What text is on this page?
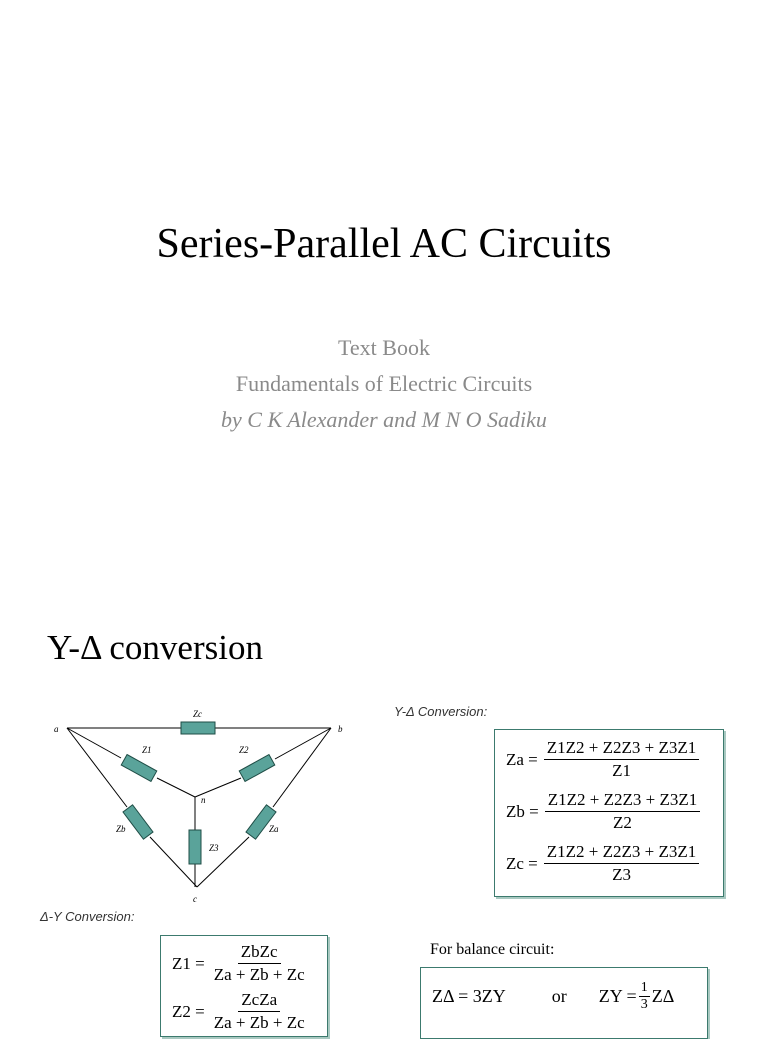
Series-Parallel AC Circuits
Text Book
Fundamentals of Electric Circuits
by C K Alexander and M N O Sadiku
Y-Δ conversion
a	b
n
c
Zc
Z1	Z2
Zb	Za
Z3
Y-Δ Conversion:
$Za = \frac{Z1Z2 + Z2Z3 + Z3Z1}{Z1}$
$Zb = \frac{Z1Z2 + Z2Z3 + Z3Z1}{Z2}$
$Zc = \frac{Z1Z2 + Z2Z3 + Z3Z1}{Z3}$
Δ-Y Conversion:
$Z1 = \frac{\text{ZbZc}}{Za + Zb + Zc}$
$Z2 = \frac{\text{ZcZa}}{Za + Zb + Zc}$
For balance circuit:
ZΔ = 3ZY	or ZY = $\frac{1}{3}$ ZΔ
